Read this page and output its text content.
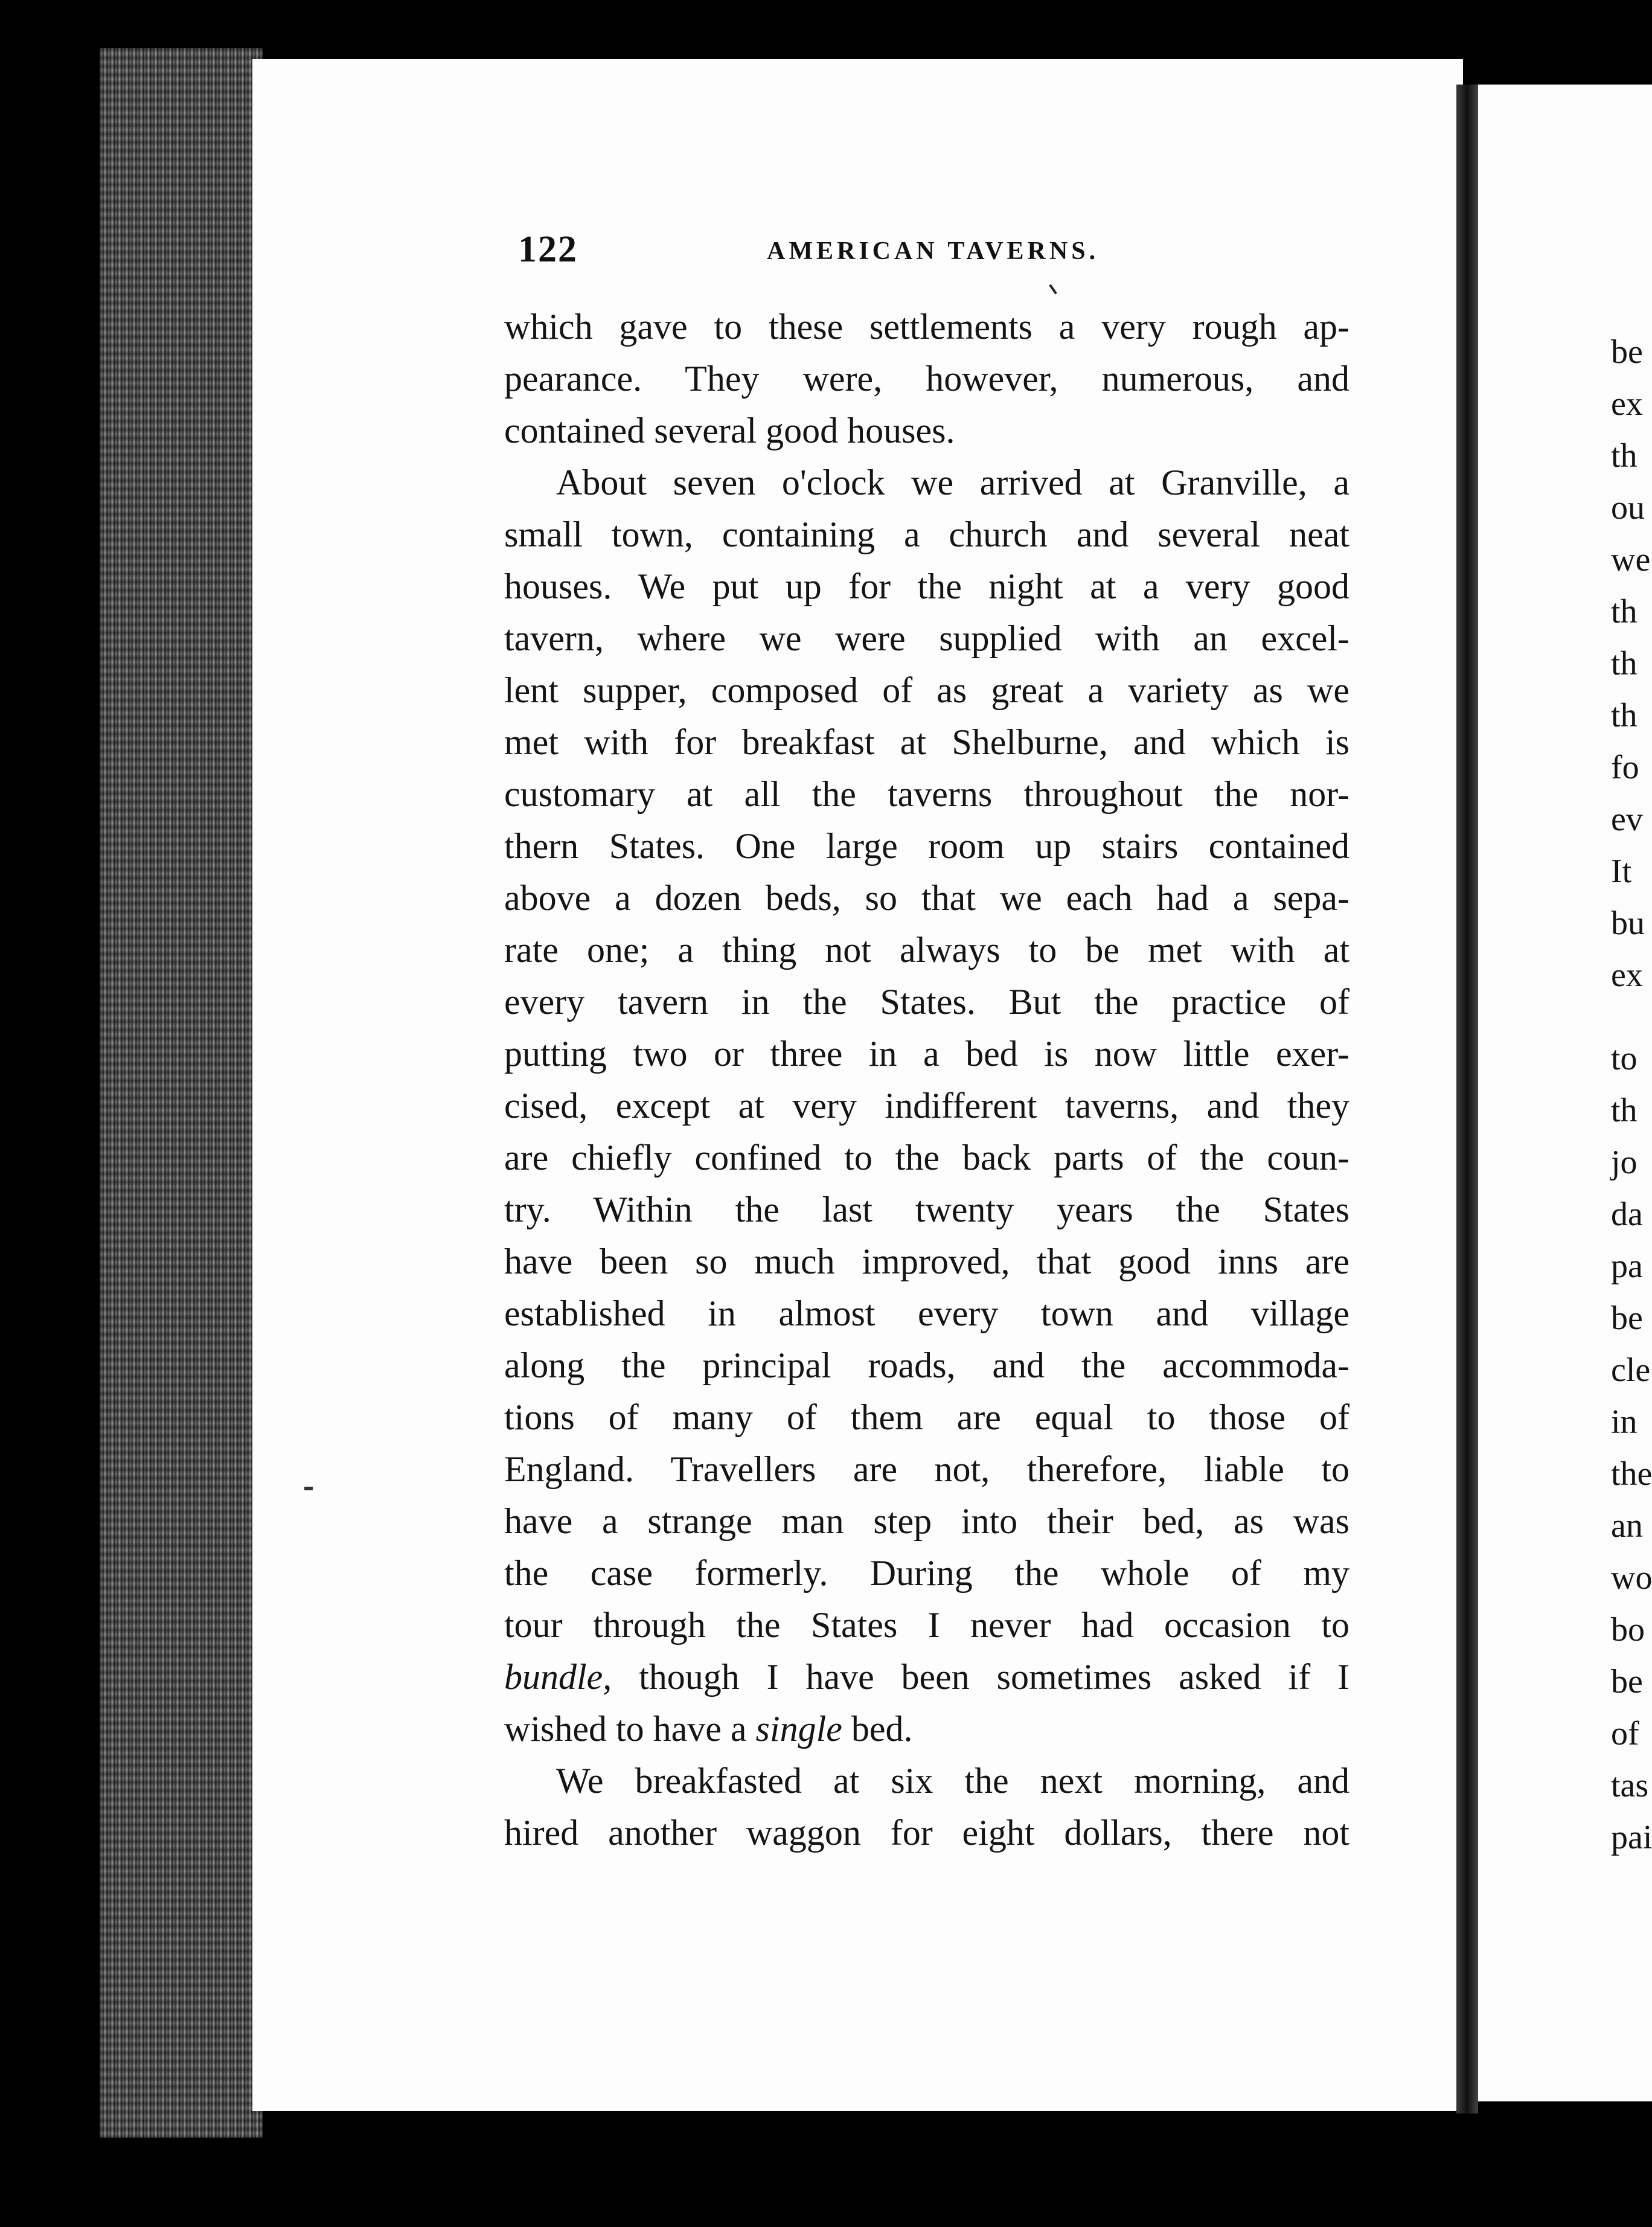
122	AMERICAN TAVERNS.
which gave to these settlements a very rough ap-
pearance. They were, however, numerous, and
contained several good houses.
About seven o'clock we arrived at Granville, a
small town, containing a church and several neat
houses. We put up for the night at a very good
tavern, where we were supplied with an excel-
lent supper, composed of as great a variety as we
met with for breakfast at Shelburne, and which is
customary at all the taverns throughout the nor-
thern States. One large room up stairs contained
above a dozen beds, so that we each had a sepa-
rate one; a thing not always to be met with at
every tavern in the States. But the practice of
putting two or three in a bed is now little exer-
cised, except at very indifferent taverns, and they
are chiefly confined to the back parts of the coun-
try. Within the last twenty years the States
have been so much improved, that good inns are
established in almost every town and village
along the principal roads, and the accommoda-
tions of many of them are equal to those of
England. Travellers are not, therefore, liable to
have a strange man step into their bed, as was
the case formerly. During the whole of my
tour through the States I never had occasion to
bundle, though I have been sometimes asked if I
wished to have a single bed.
We breakfasted at six the next morning, and
hired another waggon for eight dollars, there not
be
ex
th
ou
we
th
th
th
fo
ev
It
bu
ex
to
th
jo
da
pa
be
cle
in
the
an
wo
bo
be
of
tas
pai
